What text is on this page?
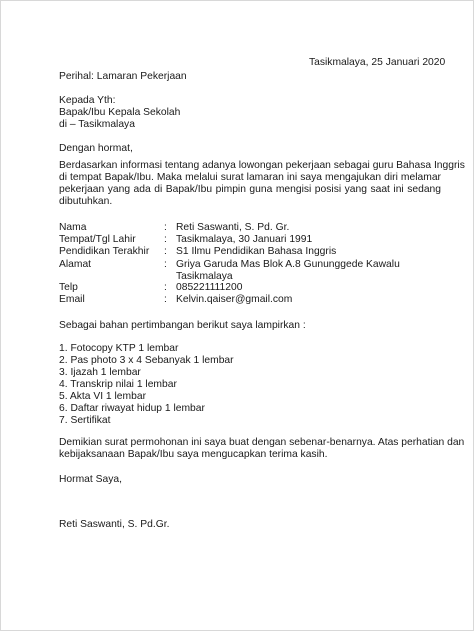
Tasikmalaya, 25 Januari 2020
Perihal: Lamaran Pekerjaan
Kepada Yth:
Bapak/Ibu Kepala Sekolah
di – Tasikmalaya
Dengan hormat,
Berdasarkan informasi tentang adanya lowongan pekerjaan sebagai guru Bahasa Inggris
di tempat Bapak/Ibu. Maka melalui surat lamaran ini saya mengajukan diri melamar
pekerjaan yang ada di Bapak/Ibu pimpin guna mengisi posisi yang saat ini sedang
dibutuhkan.
Nama	: Reti Saswanti, S. Pd. Gr.
Tempat/Tgl Lahir	: Tasikmalaya, 30 Januari 1991
Pendidikan Terakhir : S1 Ilmu Pendidikan Bahasa Inggris
Alamat	: Griya Garuda Mas Blok A.8 Gununggede Kawalu
Tasikmalaya
Telp	: 085221111200
Email	: Kelvin.qaiser@gmail.com
Sebagai bahan pertimbangan berikut saya lampirkan :
1. Fotocopy KTP 1 lembar
2. Pas photo 3 x 4 Sebanyak 1 lembar
3. Ijazah 1 lembar
4. Transkrip nilai 1 lembar
5. Akta VI 1 lembar
6. Daftar riwayat hidup 1 lembar
7. Sertifikat
Demikian surat permohonan ini saya buat dengan sebenar-benarnya. Atas perhatian dan
kebijaksanaan Bapak/Ibu saya mengucapkan terima kasih.
Hormat Saya,
Reti Saswanti, S. Pd.Gr.
